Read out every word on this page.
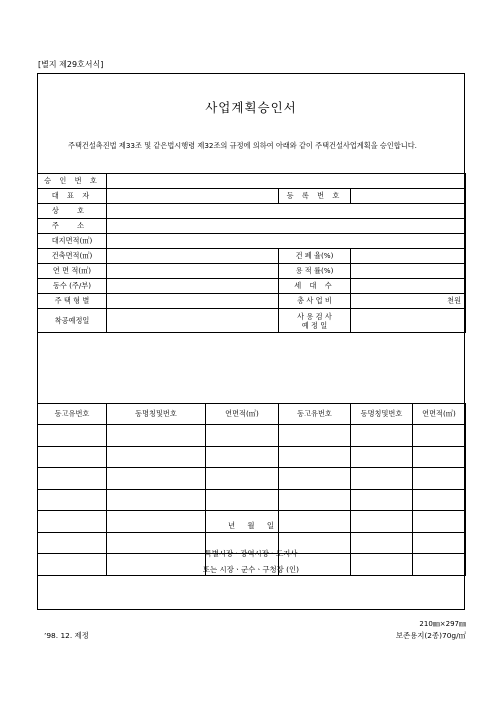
[별지 제29호서식]
사업계획승인서
주택건설촉진법 제33조 및 같은법시행령 제32조의 규정에 의하여 아래와 같이 주택건설사업계획을 승인합니다.
승 인 번 호			
대 표 자		등 록 번 호	
상 호			
주 소			
대지면적(㎡)			
건축면적(㎡)		건 폐 율(%)	
연 면 적(㎡)		용 적 률(%)	
동수 (주/부)		세 대 수	
주 택 형 별		총 사 업 비	천원
착공예정일		사 용 검 사
예 정 일	

동고유번호	동명칭및번호	연면적(㎡)	동고유번호	동명칭및번호	연면적(㎡)

년 월 일
특별시장ㆍ광역시장ㆍ도지사
또는 시장ㆍ군수ㆍ구청장 (인)
’98. 12. 제정
210㎜×297㎜
보존용지(2종)70g/㎡
